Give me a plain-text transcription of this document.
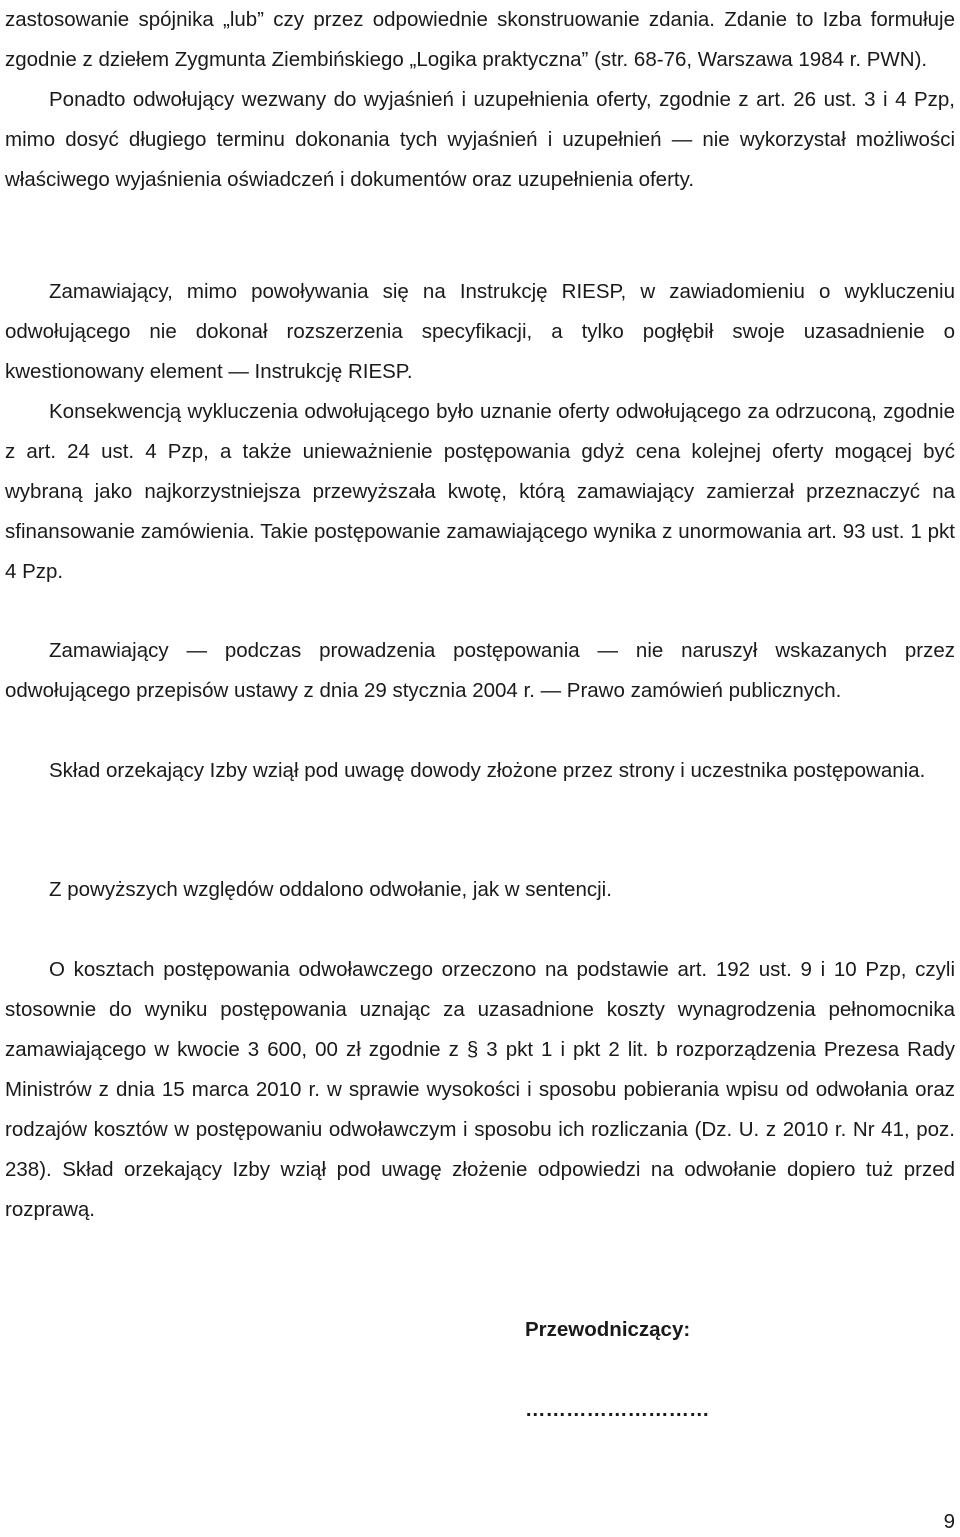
zastosowanie spójnika „lub” czy przez odpowiednie skonstruowanie zdania. Zdanie to Izba formułuje zgodnie z dziełem Zygmunta Ziembińskiego „Logika praktyczna” (str. 68-76, Warszawa 1984 r. PWN).

Ponadto odwołujący wezwany do wyjaśnień i uzupełnienia oferty, zgodnie z art. 26 ust. 3 i 4 Pzp, mimo dosyć długiego terminu dokonania tych wyjaśnień i uzupełnień — nie wykorzystał możliwości właściwego wyjaśnienia oświadczeń i dokumentów oraz uzupełnienia oferty.

Zamawiający, mimo powoływania się na Instrukcję RIESP, w zawiadomieniu o wykluczeniu odwołującego nie dokonał rozszerzenia specyfikacji, a tylko pogłębił swoje uzasadnienie o kwestionowany element — Instrukcję RIESP.

Konsekwencją wykluczenia odwołującego było uznanie oferty odwołującego za odrzuconą, zgodnie z art. 24 ust. 4 Pzp, a także unieważnienie postępowania gdyż cena kolejnej oferty mogącej być wybraną jako najkorzystniejsza przewyższała kwotę, którą zamawiający zamierzał przeznaczyć na sfinansowanie zamówienia. Takie postępowanie zamawiającego wynika z unormowania art. 93 ust. 1 pkt 4 Pzp.

Zamawiający — podczas prowadzenia postępowania — nie naruszył wskazanych przez odwołującego przepisów ustawy z dnia 29 stycznia 2004 r. — Prawo zamówień publicznych.

Skład orzekający Izby wziął pod uwagę dowody złożone przez strony i uczestnika postępowania.

Z powyższych względów oddalono odwołanie, jak w sentencji.

O kosztach postępowania odwoławczego orzeczono na podstawie art. 192 ust. 9 i 10 Pzp, czyli stosownie do wyniku postępowania uznając za uzasadnione koszty wynagrodzenia pełnomocnika zamawiającego w kwocie 3 600, 00 zł zgodnie z § 3 pkt 1 i pkt 2 lit. b rozporządzenia Prezesa Rady Ministrów z dnia 15 marca 2010 r. w sprawie wysokości i sposobu pobierania wpisu od odwołania oraz rodzajów kosztów w postępowaniu odwoławczym i sposobu ich rozliczania (Dz. U. z 2010 r. Nr 41, poz. 238). Skład orzekający Izby wziął pod uwagę złożenie odpowiedzi na odwołanie dopiero tuż przed rozprawą.

Przewodniczący:
………………………
9
